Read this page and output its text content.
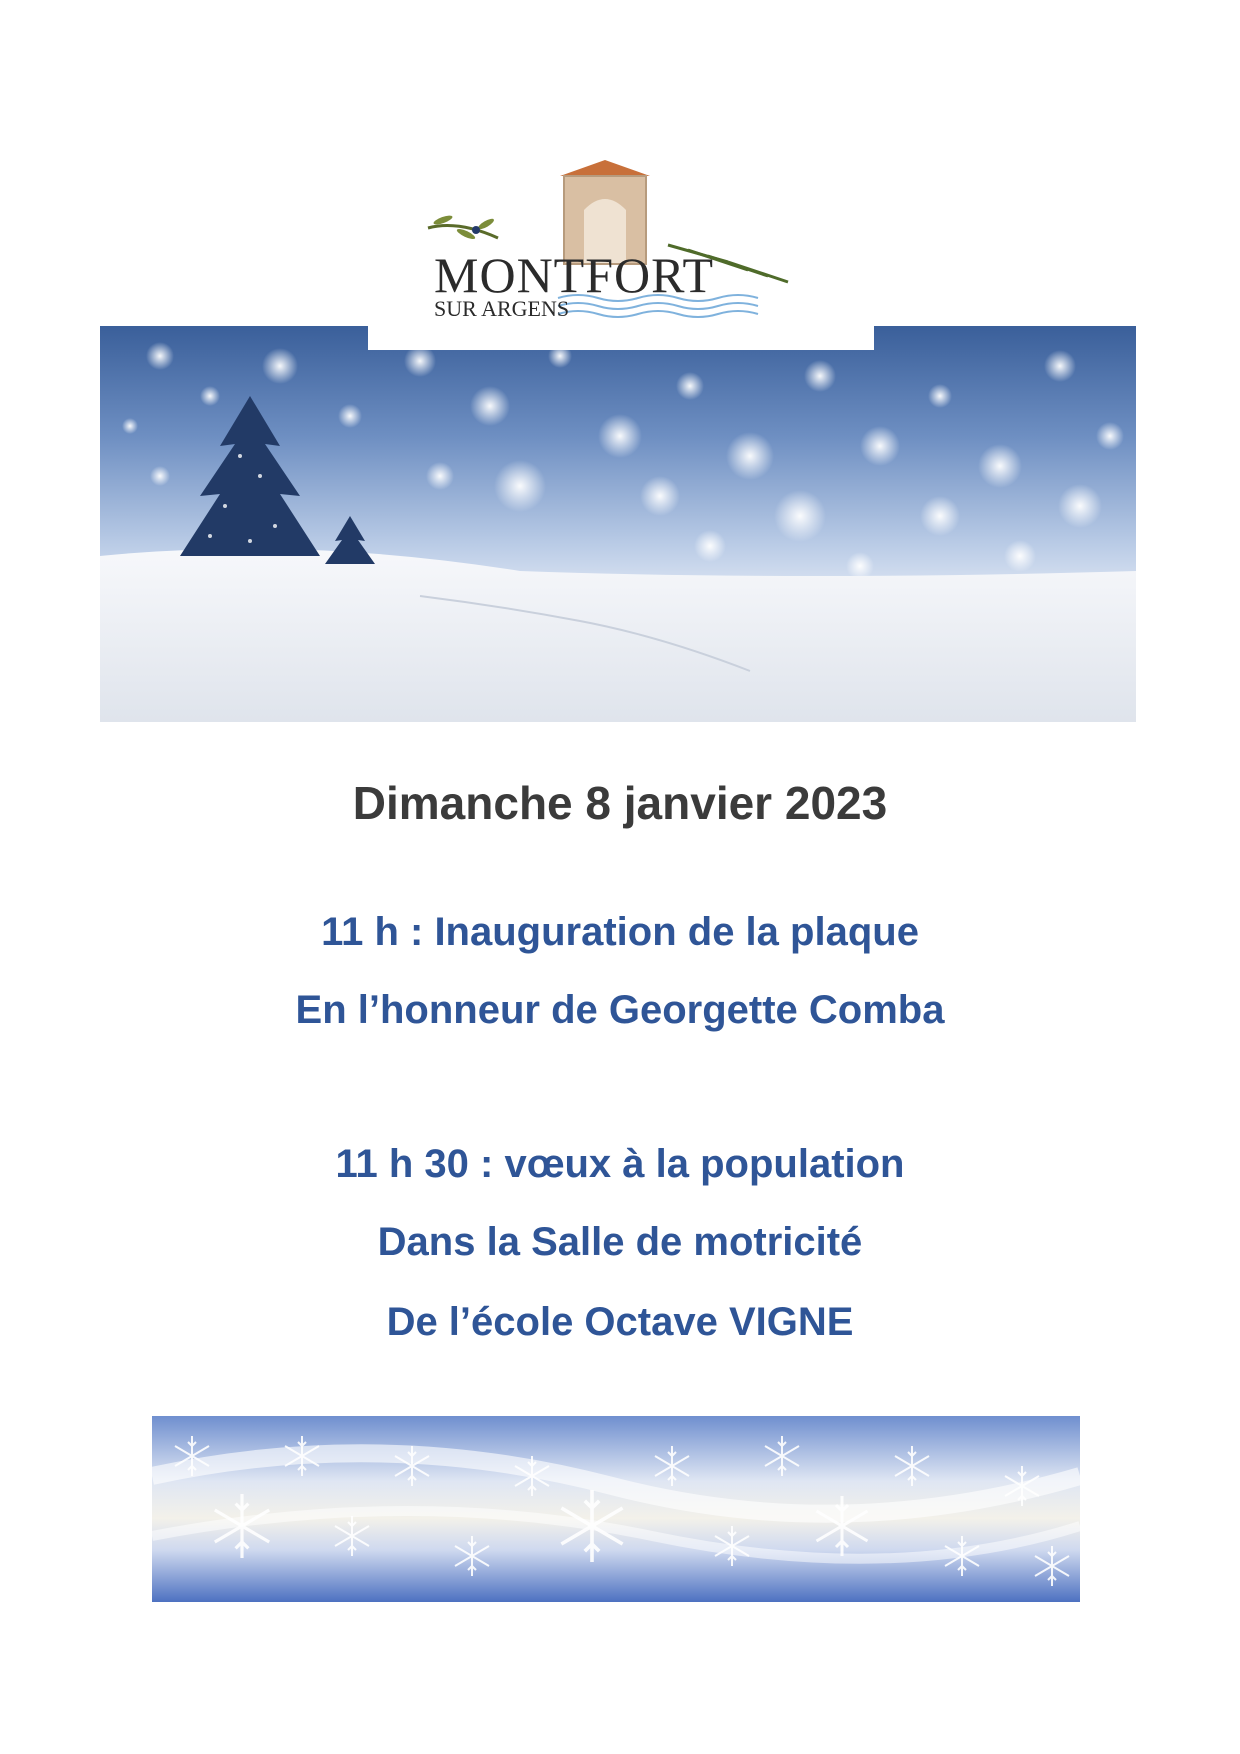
MONTFORT
SUR ARGENS
Dimanche 8 janvier 2023
11 h : Inauguration de la plaque
En l’honneur de Georgette Comba
11 h 30 : vœux à la population
Dans la Salle de motricité
De l’école Octave VIGNE
